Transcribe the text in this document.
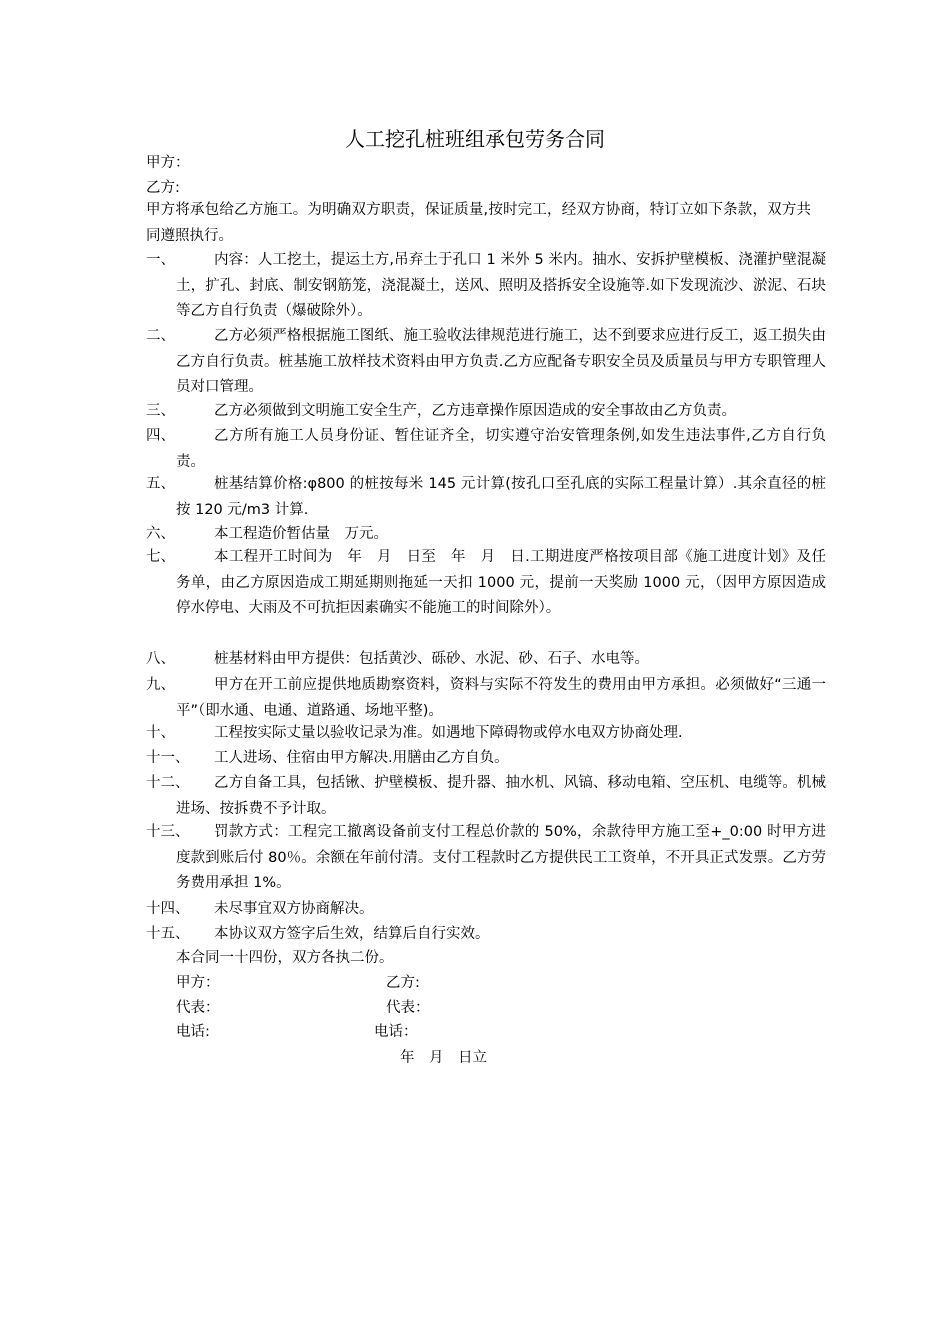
人工挖孔桩班组承包劳务合同
甲方：
乙方:
甲方将承包给乙方施工。为明确双方职责，保证质量,按时完工，经双方协商，特订立如下条款，双方共同遵照执行。
一、	内容：人工挖土，提运土方,吊弃土于孔口 1 米外 5 米内。抽水、安拆护壁模板、浇灌护壁混凝土，扩孔、封底、制安钢筋笼，浇混凝土，送风、照明及搭拆安全设施等.如下发现流沙、淤泥、石块等乙方自行负责（爆破除外）。
二、	乙方必须严格根据施工图纸、施工验收法律规范进行施工，达不到要求应进行反工，返工损失由乙方自行负责。桩基施工放样技术资料由甲方负责.乙方应配备专职安全员及质量员与甲方专职管理人员对口管理。
三、	乙方必须做到文明施工安全生产，乙方违章操作原因造成的安全事故由乙方负责。
四、	乙方所有施工人员身份证、暂住证齐全，切实遵守治安管理条例,如发生违法事件,乙方自行负责。
五、	桩基结算价格:φ800 的桩按每米 145 元计算(按孔口至孔底的实际工程量计算）.其余直径的桩按 120 元/m3 计算.
六、	本工程造价暂估量　万元。
七、	本工程开工时间为　年　月　日至　年　月　日.工期进度严格按项目部《施工进度计划》及任务单，由乙方原因造成工期延期则拖延一天扣 1000 元，提前一天奖励 1000 元，（因甲方原因造成停水停电、大雨及不可抗拒因素确实不能施工的时间除外）。
八、	桩基材料由甲方提供：包括黄沙、砾砂、水泥、砂、石子、水电等。
九、	甲方在开工前应提供地质勘察资料，资料与实际不符发生的费用由甲方承担。必须做好“三通一平”（即水通、电通、道路通、场地平整)。
十、	工程按实际丈量以验收记录为准。如遇地下障碍物或停水电双方协商处理.
十一、	工人进场、住宿由甲方解决.用膳由乙方自负。
十二、	乙方自备工具，包括锹、护壁模板、提升器、抽水机、风镐、移动电箱、空压机、电缆等。机械进场、按拆费不予计取。
十三、	罚款方式：工程完工撤离设备前支付工程总价款的 50%，余款待甲方施工至+_0:00 时甲方进度款到账后付 80％。余额在年前付清。支付工程款时乙方提供民工工资单，不开具正式发票。乙方劳务费用承担 1%。
十四、	未尽事宜双方协商解决。
十五、	本协议双方签字后生效，结算后自行实效。
本合同一十四份，双方各执二份。
甲方：	乙方:
代表：	代表：
电话:	电话：
年　月　日立
